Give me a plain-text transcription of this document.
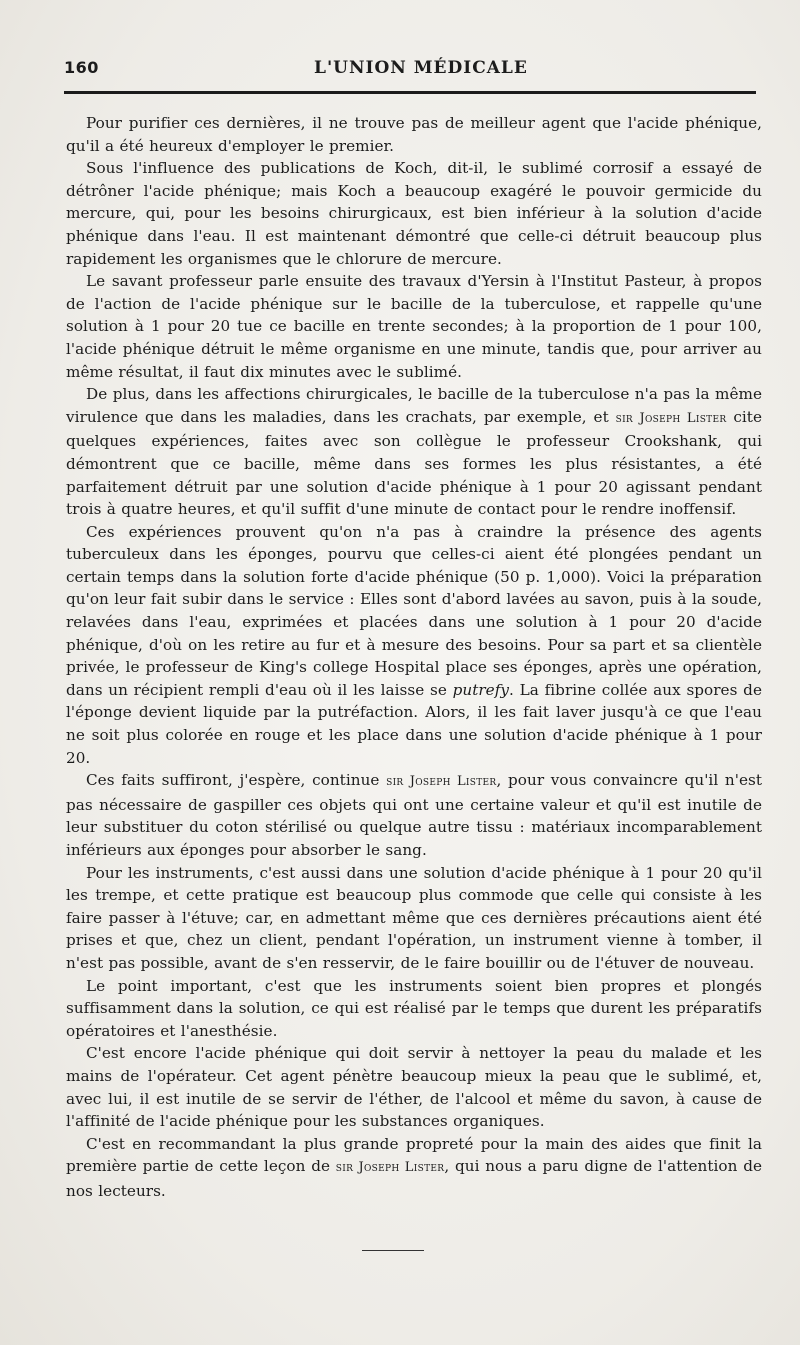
160	L'UNION MÉDICALE

Pour purifier ces dernières, il ne trouve pas de meilleur agent que l'acide phénique, qu'il a été heureux d'employer le premier.

Sous l'influence des publications de Koch, dit-il, le sublimé corrosif a essayé de détrôner l'acide phénique; mais Koch a beaucoup exagéré le pouvoir germicide du mercure, qui, pour les besoins chirurgicaux, est bien inférieur à la solution d'acide phénique dans l'eau. Il est maintenant démontré que celle-ci détruit beaucoup plus rapidement les organismes que le chlorure de mercure.

Le savant professeur parle ensuite des travaux d'Yersin à l'Institut Pasteur, à propos de l'action de l'acide phénique sur le bacille de la tuberculose, et rappelle qu'une solution à 1 pour 20 tue ce bacille en trente secondes; à la proportion de 1 pour 100, l'acide phénique détruit le même organisme en une minute, tandis que, pour arriver au même résultat, il faut dix minutes avec le sublimé.

De plus, dans les affections chirurgicales, le bacille de la tuberculose n'a pas la même virulence que dans les maladies, dans les crachats, par exemple, et sir Joseph Lister cite quelques expériences, faites avec son collègue le professeur Crookshank, qui démontrent que ce bacille, même dans ses formes les plus résistantes, a été parfaitement détruit par une solution d'acide phénique à 1 pour 20 agissant pendant trois à quatre heures, et qu'il suffit d'une minute de contact pour le rendre inoffensif.

Ces expériences prouvent qu'on n'a pas à craindre la présence des agents tuberculeux dans les éponges, pourvu que celles-ci aient été plongées pendant un certain temps dans la solution forte d'acide phénique (50 p. 1,000). Voici la préparation qu'on leur fait subir dans le service : Elles sont d'abord lavées au savon, puis à la soude, relavées dans l'eau, exprimées et placées dans une solution à 1 pour 20 d'acide phénique, d'où on les retire au fur et à mesure des besoins. Pour sa part et sa clientèle privée, le professeur de King's college Hospital place ses éponges, après une opération, dans un récipient rempli d'eau où il les laisse se putrefy. La fibrine collée aux spores de l'éponge devient liquide par la putréfaction. Alors, il les fait laver jusqu'à ce que l'eau ne soit plus colorée en rouge et les place dans une solution d'acide phénique à 1 pour 20.

Ces faits suffiront, j'espère, continue sir Joseph Lister, pour vous convaincre qu'il n'est pas nécessaire de gaspiller ces objets qui ont une certaine valeur et qu'il est inutile de leur substituer du coton stérilisé ou quelque autre tissu : matériaux incomparablement inférieurs aux éponges pour absorber le sang.

Pour les instruments, c'est aussi dans une solution d'acide phénique à 1 pour 20 qu'il les trempe, et cette pratique est beaucoup plus commode que celle qui consiste à les faire passer à l'étuve; car, en admettant même que ces dernières précautions aient été prises et que, chez un client, pendant l'opération, un instrument vienne à tomber, il n'est pas possible, avant de s'en resservir, de le faire bouillir ou de l'étuver de nouveau.

Le point important, c'est que les instruments soient bien propres et plongés suffisamment dans la solution, ce qui est réalisé par le temps que durent les préparatifs opératoires et l'anesthésie.

C'est encore l'acide phénique qui doit servir à nettoyer la peau du malade et les mains de l'opérateur. Cet agent pénètre beaucoup mieux la peau que le sublimé, et, avec lui, il est inutile de se servir de l'éther, de l'alcool et même du savon, à cause de l'affinité de l'acide phénique pour les substances organiques.

C'est en recommandant la plus grande propreté pour la main des aides que finit la première partie de cette leçon de sir Joseph Lister, qui nous a paru digne de l'attention de nos lecteurs.
